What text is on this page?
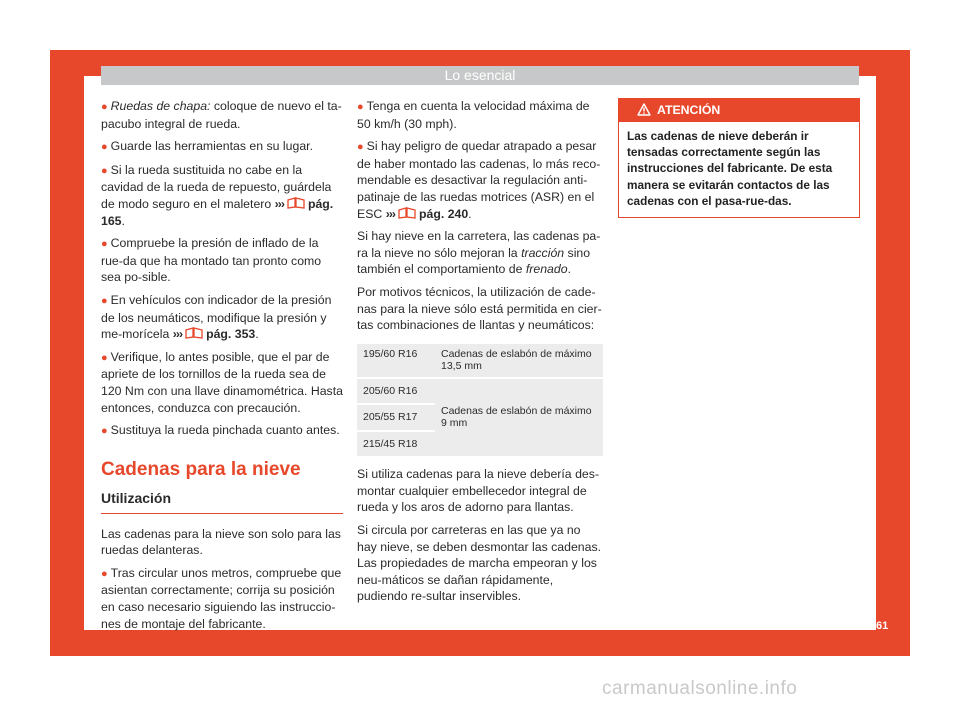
Lo esencial

● Ruedas de chapa: coloque de nuevo el ta-pacubo integral de rueda.

● Guarde las herramientas en su lugar.

● Si la rueda sustituida no cabe en la cavidad de la rueda de repuesto, guárdela de modo seguro en el maletero ››› pág. 165.

● Compruebe la presión de inflado de la rue-da que ha montado tan pronto como sea po-sible.

● En vehículos con indicador de la presión de los neumáticos, modifique la presión y me-morícela ››› pág. 353.

● Verifique, lo antes posible, que el par de apriete de los tornillos de la rueda sea de 120 Nm con una llave dinamométrica. Hasta entonces, conduzca con precaución.

● Sustituya la rueda pinchada cuanto antes.

Cadenas para la nieve
Utilización

Las cadenas para la nieve son solo para las ruedas delanteras.

● Tras circular unos metros, compruebe que asientan correctamente; corrija su posición en caso necesario siguiendo las instruccio-nes de montaje del fabricante.

● Tenga en cuenta la velocidad máxima de 50 km/h (30 mph).

● Si hay peligro de quedar atrapado a pesar de haber montado las cadenas, lo más reco-mendable es desactivar la regulación anti-patinaje de las ruedas motrices (ASR) en el ESC ››› pág. 240.

Si hay nieve en la carretera, las cadenas pa-ra la nieve no sólo mejoran la tracción sino también el comportamiento de frenado.

Por motivos técnicos, la utilización de cade-nas para la nieve sólo está permitida en cier-tas combinaciones de llantas y neumáticos:

195/60 R16	Cadenas de eslabón de máximo 13,5 mm
205/60 R16	Cadenas de eslabón de máximo 9 mm
205/55 R17	
215/45 R18	

Si utiliza cadenas para la nieve debería des-montar cualquier embellecedor integral de rueda y los aros de adorno para llantas.

Si circula por carreteras en las que ya no hay nieve, se deben desmontar las cadenas. Las propiedades de marcha empeoran y los neu-máticos se dañan rápidamente, pudiendo re-sultar inservibles.

ATENCIÓN
Las cadenas de nieve deberán ir tensadas correctamente según las instrucciones del fabricante. De esta manera se evitarán contactos de las cadenas con el pasa-rue-das.
61
carmanualsonline.info
